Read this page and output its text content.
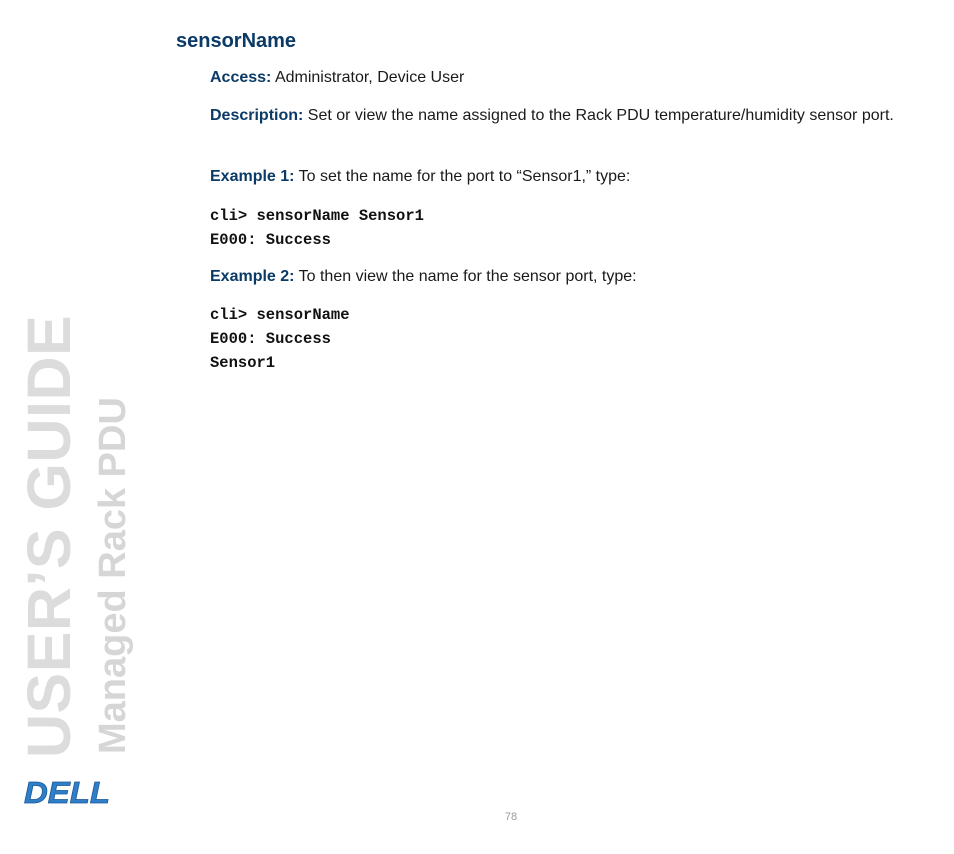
sensorName

Access: Administrator, Device User

Description: Set or view the name assigned to the Rack PDU temperature/humidity sensor port.

Example 1: To set the name for the port to “Sensor1,” type:

cli> sensorName Sensor1
E000: Success

Example 2: To then view the name for the sensor port, type:

cli> sensorName
E000: Success
Sensor1
USER’S GUIDE Managed Rack PDU
DELL
78
